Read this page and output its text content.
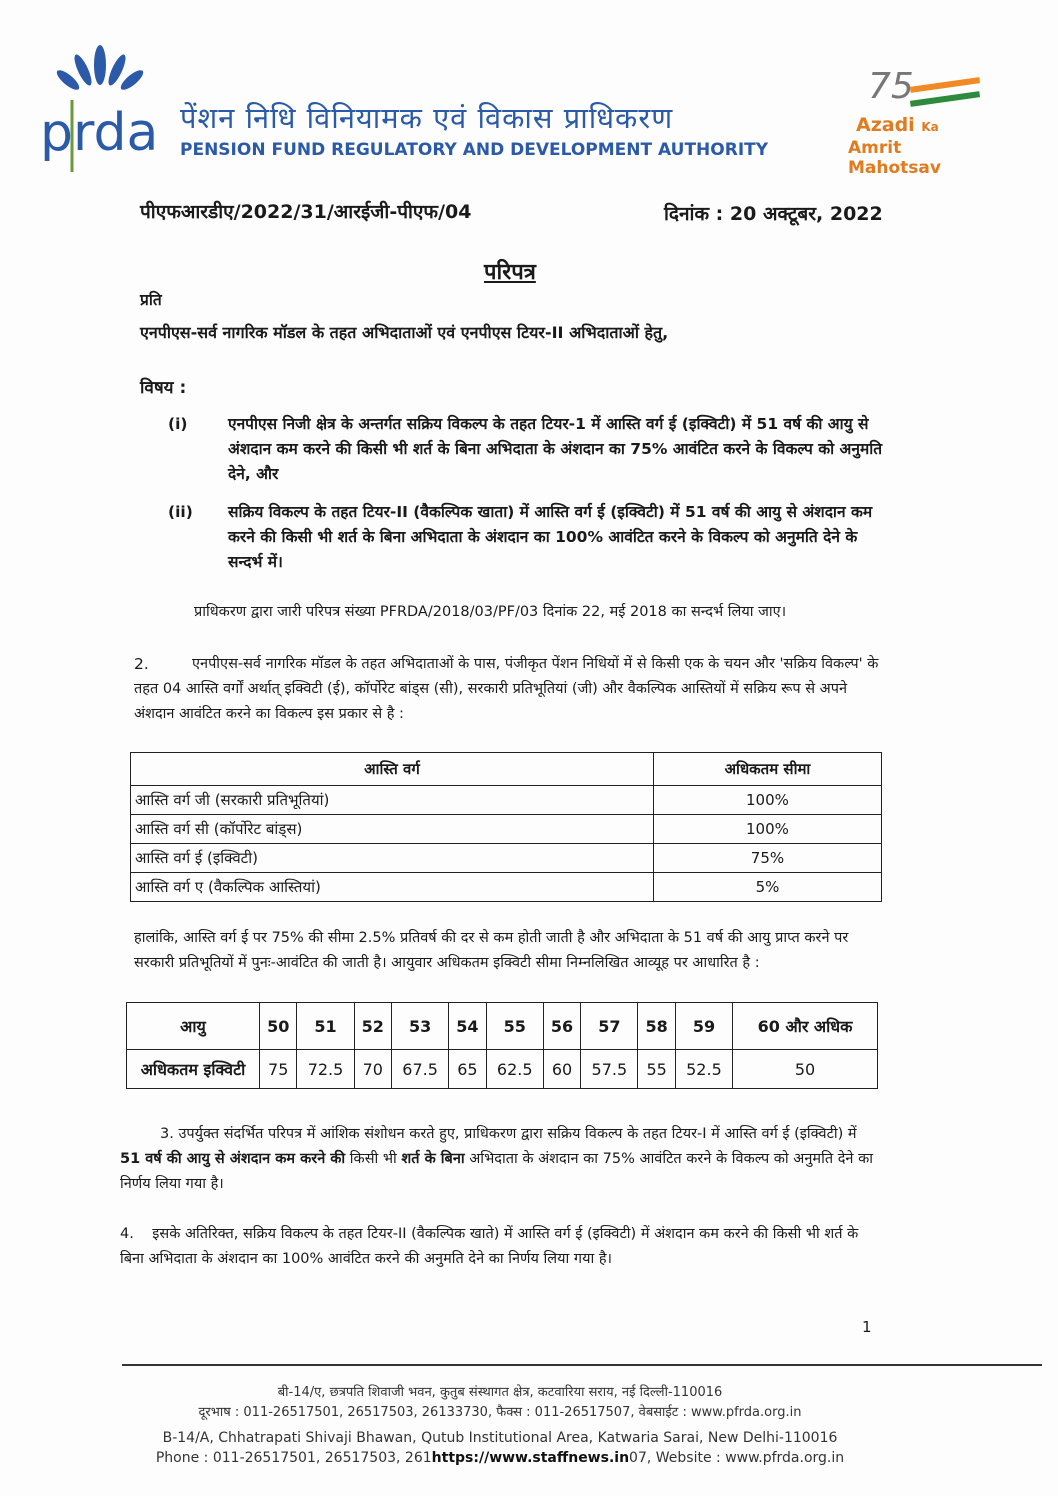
prda पेंशन निधि विनियामक एवं विकास प्राधिकरण
PENSION FUND REGULATORY AND DEVELOPMENT AUTHORITY
75
Azadi Ka
Amrit Mahotsav
पीएफआरडीए/2022/31/आरईजी-पीएफ/04	दिनांक : 20 अक्टूबर, 2022
परिपत्र
प्रति
एनपीएस-सर्व नागरिक मॉडल के तहत अभिदाताओं एवं एनपीएस टियर-II अभिदाताओं हेतु,
विषय :
(i)	एनपीएस निजी क्षेत्र के अन्तर्गत सक्रिय विकल्प के तहत टियर-1 में आस्ति वर्ग ई (इक्विटी) में 51 वर्ष की आयु से अंशदान कम करने की किसी भी शर्त के बिना अभिदाता के अंशदान का 75% आवंटित करने के विकल्प को अनुमति देने, और
(ii) सक्रिय विकल्प के तहत टियर-II (वैकल्पिक खाता) में आस्ति वर्ग ई (इक्विटी) में 51 वर्ष की आयु से अंशदान कम करने की किसी भी शर्त के बिना अभिदाता के अंशदान का 100% आवंटित करने के विकल्प को अनुमति देने के सन्दर्भ में।
प्राधिकरण द्वारा जारी परिपत्र संख्या PFRDA/2018/03/PF/03 दिनांक 22, मई 2018 का सन्दर्भ लिया जाए।
2.	एनपीएस-सर्व नागरिक मॉडल के तहत अभिदाताओं के पास, पंजीकृत पेंशन निधियों में से किसी एक के चयन और 'सक्रिय विकल्प' के तहत 04 आस्ति वर्गों अर्थात् इक्विटी (ई), कॉर्पोरेट बांड्स (सी), सरकारी प्रतिभूतियां (जी) और वैकल्पिक आस्तियों में सक्रिय रूप से अपने अंशदान आवंटित करने का विकल्प इस प्रकार से है :
आस्ति वर्ग	अधिकतम सीमा
आस्ति वर्ग जी (सरकारी प्रतिभूतियां)	100%
आस्ति वर्ग सी (कॉर्पोरेट बांड्स)	100%
आस्ति वर्ग ई (इक्विटी)	75%
आस्ति वर्ग ए (वैकल्पिक आस्तियां)	5%
हालांकि, आस्ति वर्ग ई पर 75% की सीमा 2.5% प्रतिवर्ष की दर से कम होती जाती है और अभिदाता के 51 वर्ष की आयु प्राप्त करने पर सरकारी प्रतिभूतियों में पुनः-आवंटित की जाती है। आयुवार अधिकतम इक्विटी सीमा निम्नलिखित आव्यूह पर आधारित है :
आयु	50	51	52	53	54	55	56	57	58	59	60 और अधिक
अधिकतम इक्विटी	75	72.5	70	67.5	65	62.5	60	57.5	55	52.5	50
3. उपर्युक्त संदर्भित परिपत्र में आंशिक संशोधन करते हुए, प्राधिकरण द्वारा सक्रिय विकल्प के तहत टियर-I में आस्ति वर्ग ई (इक्विटी) में 51 वर्ष की आयु से अंशदान कम करने की किसी भी शर्त के बिना अभिदाता के अंशदान का 75% आवंटित करने के विकल्प को अनुमति देने का निर्णय लिया गया है।
4. इसके अतिरिक्त, सक्रिय विकल्प के तहत टियर-II (वैकल्पिक खाते) में आस्ति वर्ग ई (इक्विटी) में अंशदान कम करने की किसी भी शर्त के बिना अभिदाता के अंशदान का 100% आवंटित करने की अनुमति देने का निर्णय लिया गया है।
1
बी-14/ए, छत्रपति शिवाजी भवन, कुतुब संस्थागत क्षेत्र, कटवारिया सराय, नई दिल्ली-110016
दूरभाष : 011-26517501, 26517503, 26133730, फैक्स : 011-26517507, वेबसाईट : www.pfrda.org.in
B-14/A, Chhatrapati Shivaji Bhawan, Qutub Institutional Area, Katwaria Sarai, New Delhi-110016
Phone : 011-26517501, 26517503, 261https://www.staffnews.in07, Website : www.pfrda.org.in
